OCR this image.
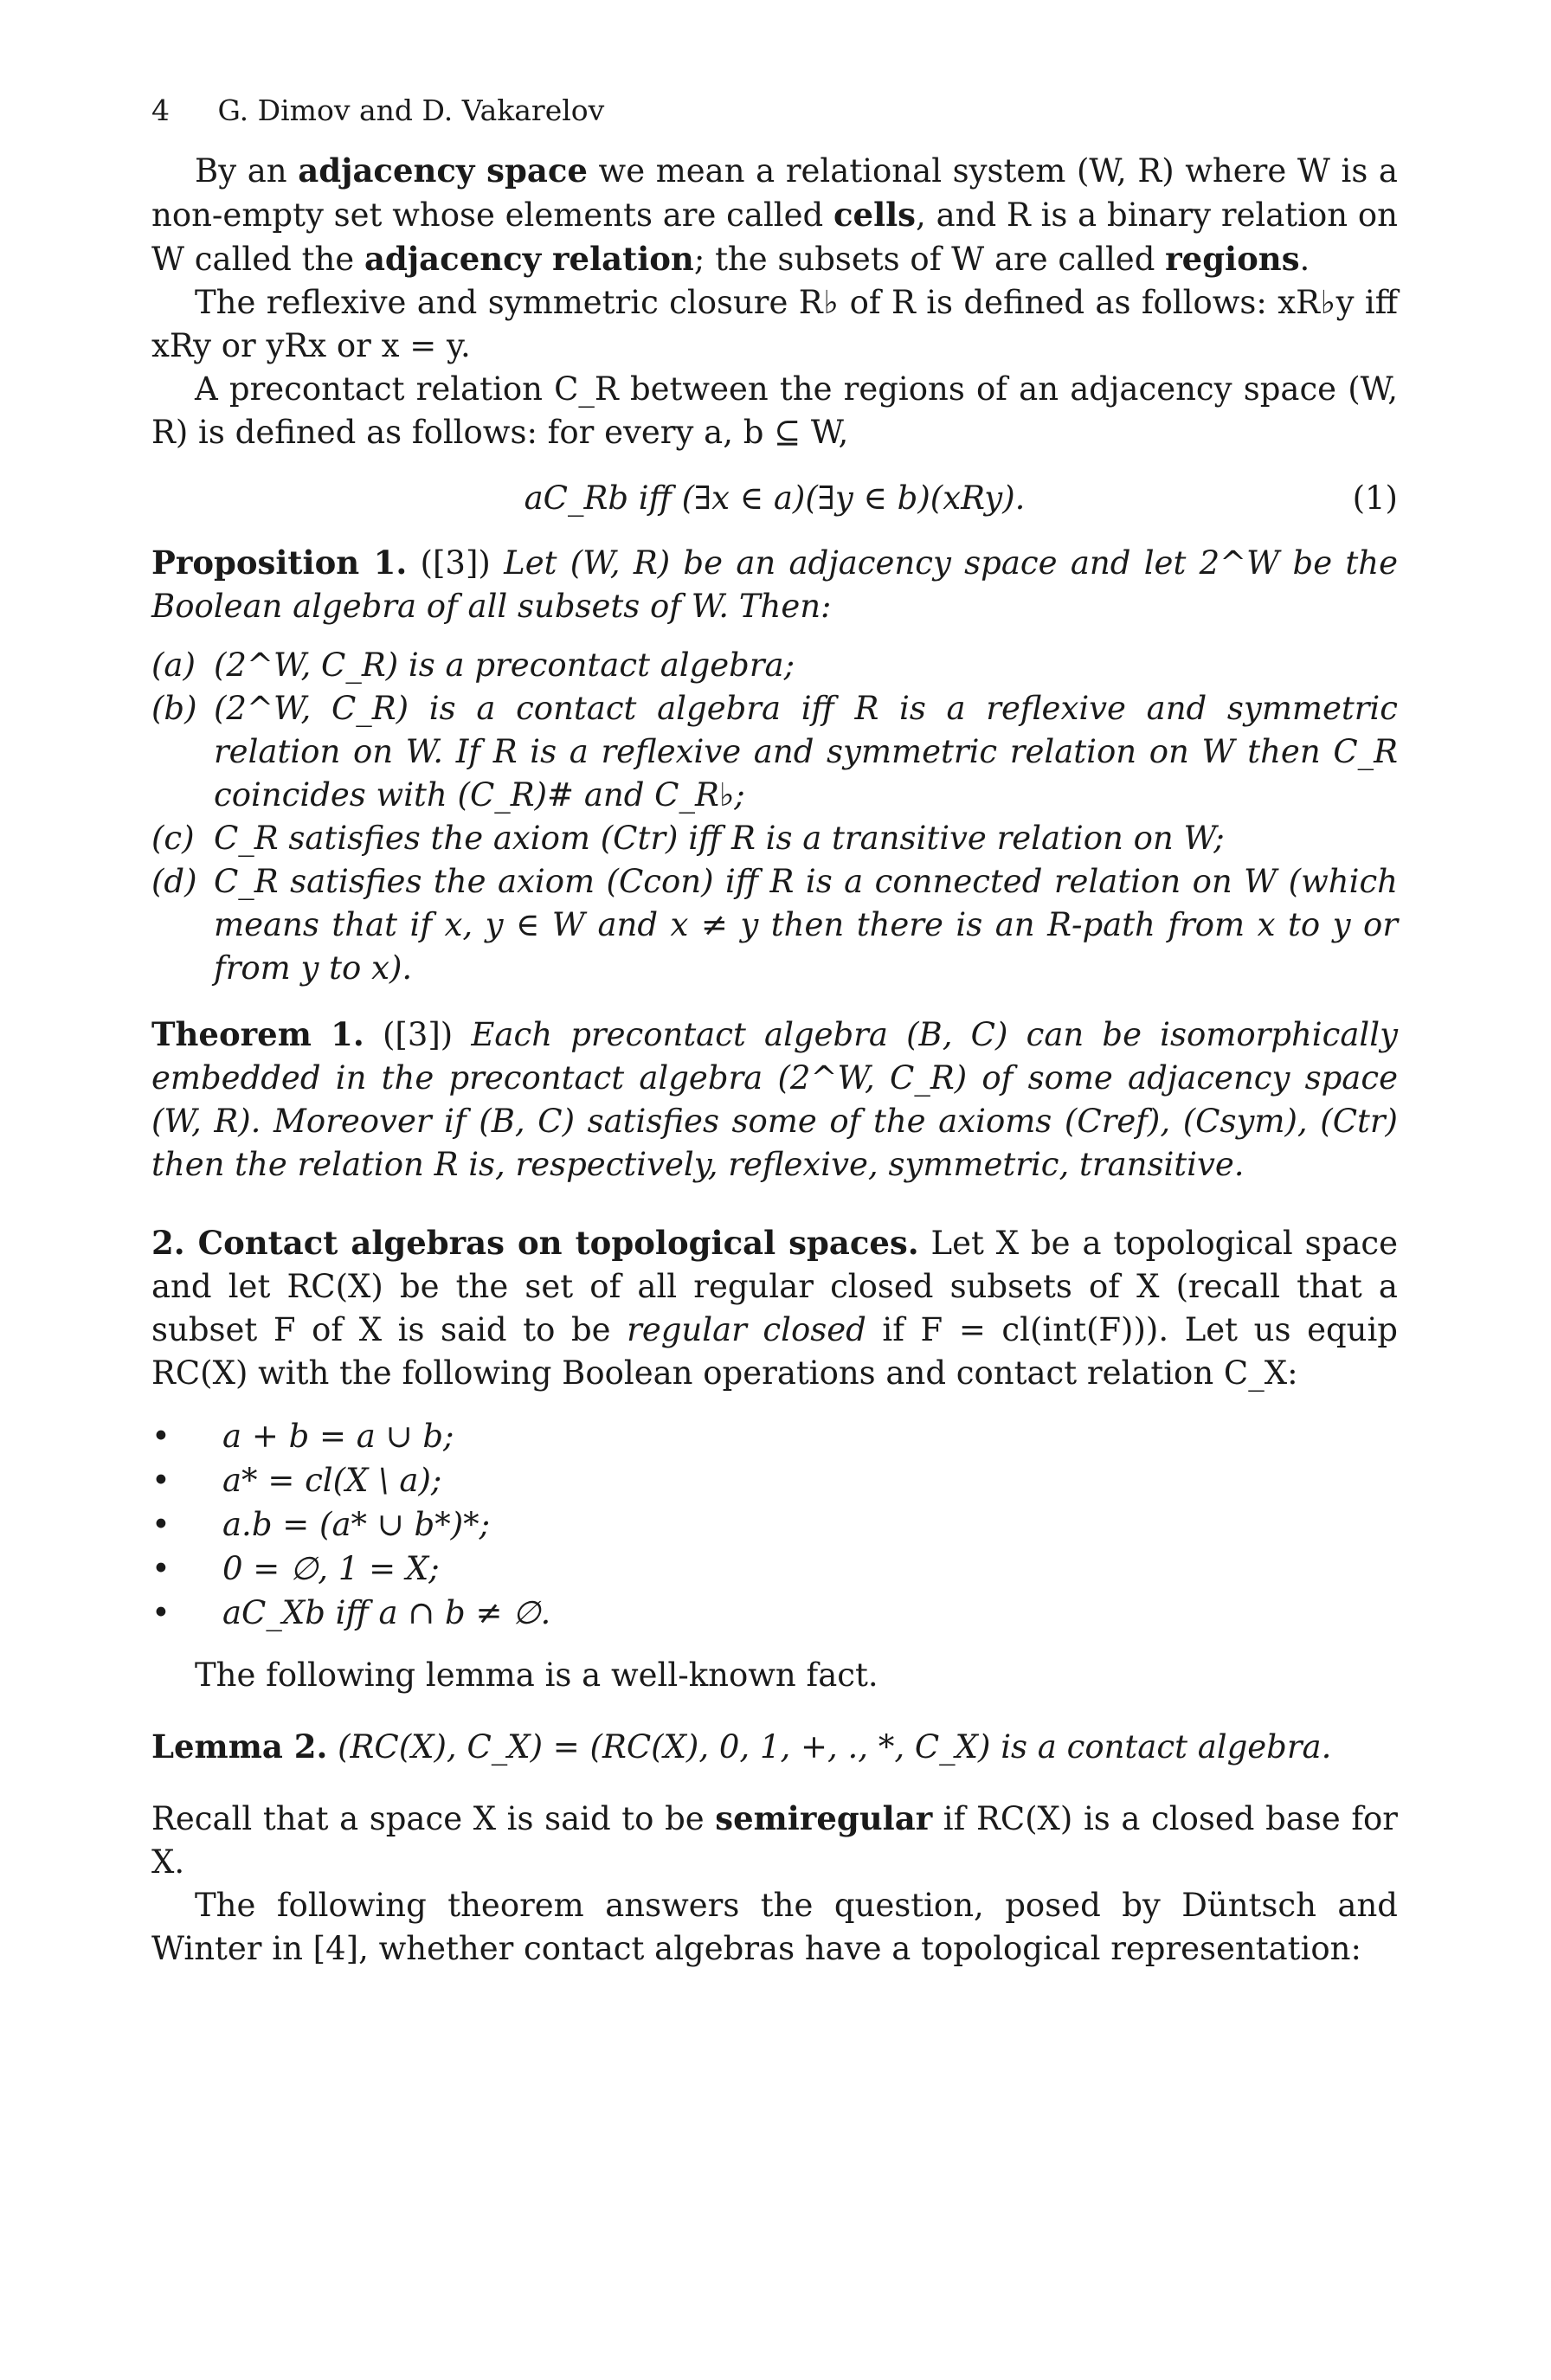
4 G. Dimov and D. Vakarelov

By an adjacency space we mean a relational system (W, R) where W is a non-empty set whose elements are called cells, and R is a binary relation on W called the adjacency relation; the subsets of W are called regions.

The reflexive and symmetric closure R♭ of R is defined as follows: xR♭y iff xRy or yRx or x = y.

A precontact relation C_R between the regions of an adjacency space (W, R) is defined as follows: for every a, b ⊆ W,

aC_Rb iff (∃x ∈ a)(∃y ∈ b)(xRy).	(1)

Proposition 1. ([3]) Let (W, R) be an adjacency space and let 2^W be the Boolean algebra of all subsets of W. Then:

(a) (2^W, C_R) is a precontact algebra;
(b) (2^W, C_R) is a contact algebra iff R is a reflexive and symmetric relation on W. If R is a reflexive and symmetric relation on W then C_R coincides with (C_R)# and C_R♭;
(c) C_R satisfies the axiom (Ctr) iff R is a transitive relation on W;
(d) C_R satisfies the axiom (Ccon) iff R is a connected relation on W (which means that if x, y ∈ W and x ≠ y then there is an R-path from x to y or from y to x).

Theorem 1. ([3]) Each precontact algebra (B, C) can be isomorphically embedded in the precontact algebra (2^W, C_R) of some adjacency space (W, R). Moreover if (B, C) satisfies some of the axioms (Cref), (Csym), (Ctr) then the relation R is, respectively, reflexive, symmetric, transitive.

2. Contact algebras on topological spaces. Let X be a topological space and let RC(X) be the set of all regular closed subsets of X (recall that a subset F of X is said to be regular closed if F = cl(int(F))). Let us equip RC(X) with the following Boolean operations and contact relation C_X:

• a + b = a ∪ b;
• a* = cl(X \ a);
• a.b = (a* ∪ b*)*;
• 0 = ∅, 1 = X;
• aC_Xb iff a ∩ b ≠ ∅.

The following lemma is a well-known fact.

Lemma 2. (RC(X), C_X) = (RC(X), 0, 1, +, ., *, C_X) is a contact algebra.

Recall that a space X is said to be semiregular if RC(X) is a closed base for X.

The following theorem answers the question, posed by Düntsch and Winter in [4], whether contact algebras have a topological representation:
